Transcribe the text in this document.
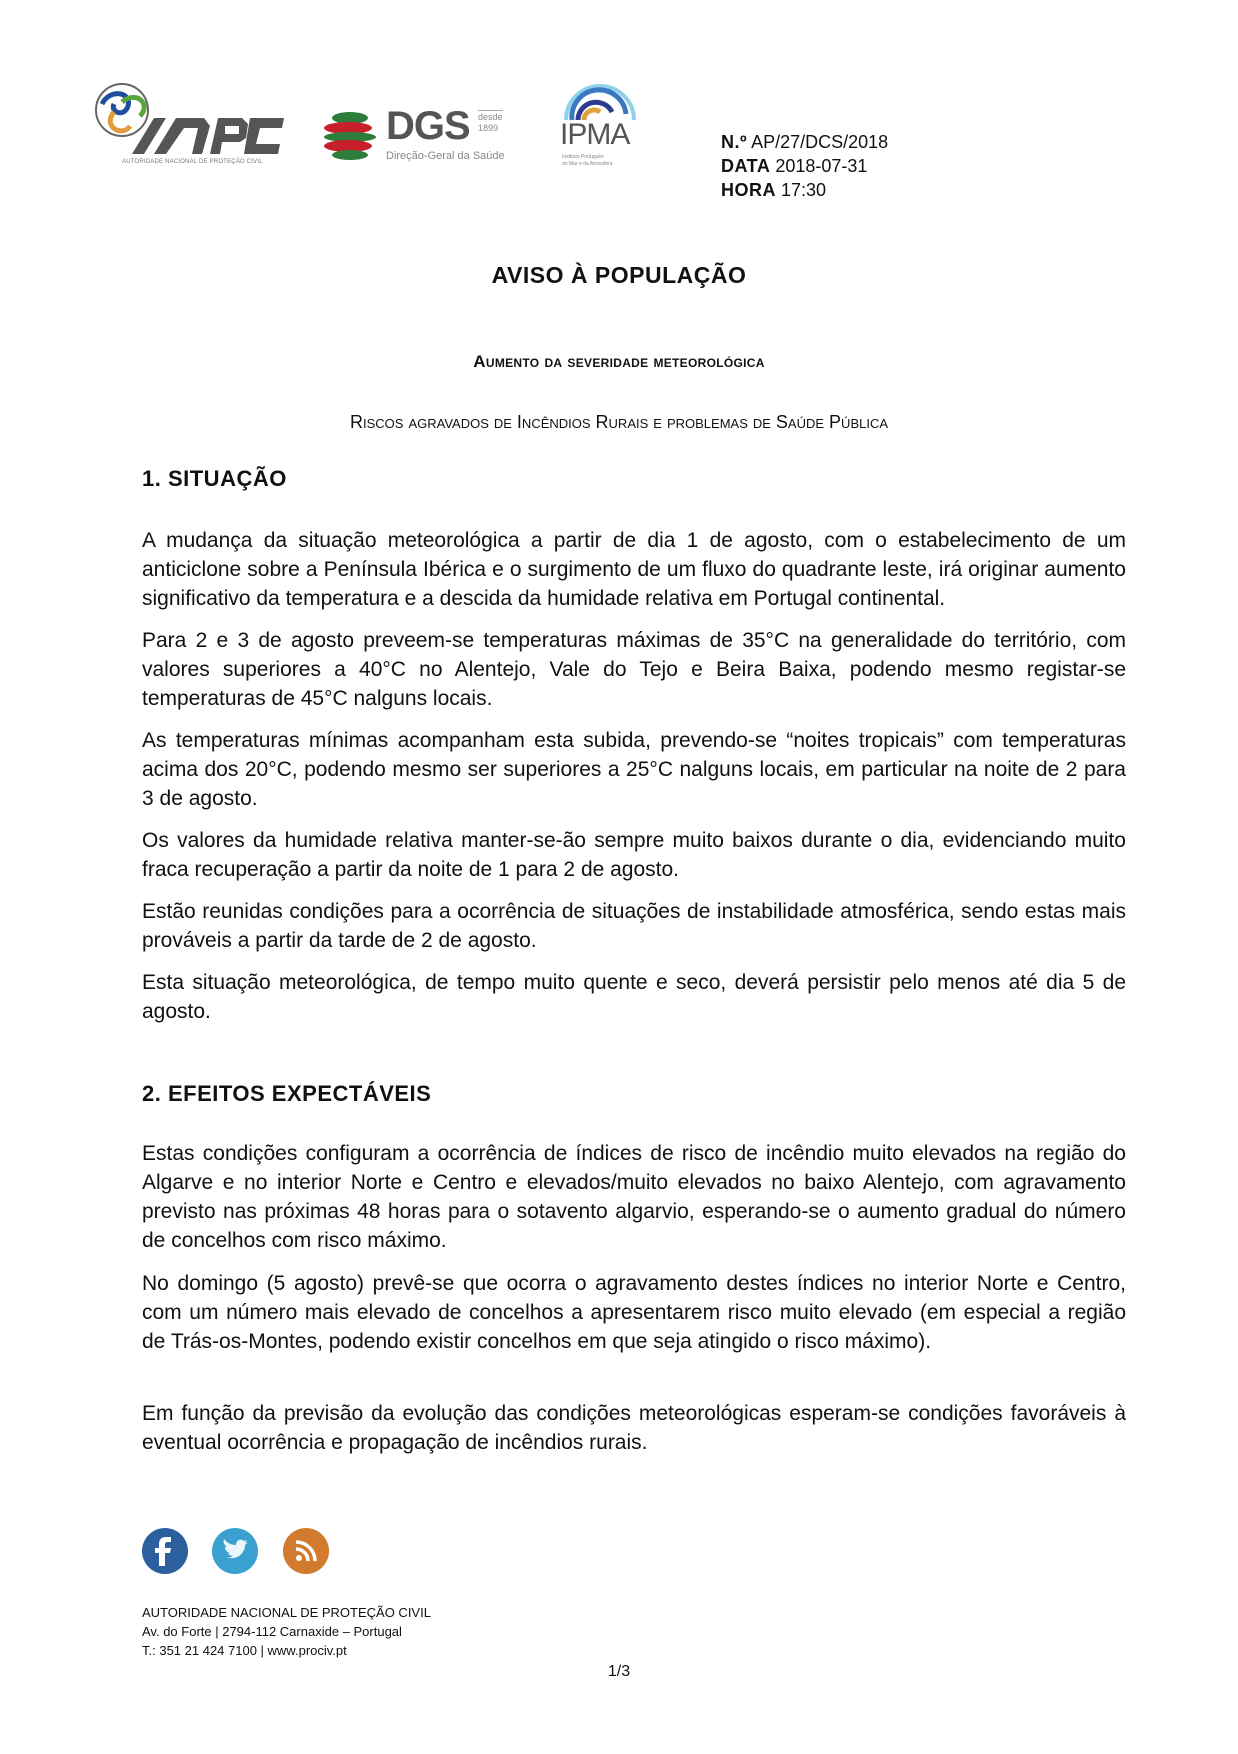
AUTORIDADE NACIONAL DE PROTEÇÃO CIVIL
DGS desde
1899
Direção-Geral da Saúde
IPMA
Instituto Português
do Mar e da Atmosfera
N.º AP/27/DCS/2018
DATA 2018-07-31
HORA 17:30
AVISO À POPULAÇÃO
Aumento da severidade meteorológica
Riscos agravados de Incêndios Rurais e problemas de Saúde Pública
1. SITUAÇÃO
A mudança da situação meteorológica a partir de dia 1 de agosto, com o estabelecimento de um anticiclone sobre a Península Ibérica e o surgimento de um fluxo do quadrante leste, irá originar aumento significativo da temperatura e a descida da humidade relativa em Portugal continental.
Para 2 e 3 de agosto preveem-se temperaturas máximas de 35°C na generalidade do território, com valores superiores a 40°C no Alentejo, Vale do Tejo e Beira Baixa, podendo mesmo registar-se temperaturas de 45°C nalguns locais.
As temperaturas mínimas acompanham esta subida, prevendo-se “noites tropicais” com temperaturas acima dos 20°C, podendo mesmo ser superiores a 25°C nalguns locais, em particular na noite de 2 para 3 de agosto.
Os valores da humidade relativa manter-se-ão sempre muito baixos durante o dia, evidenciando muito fraca recuperação a partir da noite de 1 para 2 de agosto.
Estão reunidas condições para a ocorrência de situações de instabilidade atmosférica, sendo estas mais prováveis a partir da tarde de 2 de agosto.
Esta situação meteorológica, de tempo muito quente e seco, deverá persistir pelo menos até dia 5 de agosto.
2. EFEITOS EXPECTÁVEIS
Estas condições configuram a ocorrência de índices de risco de incêndio muito elevados na região do Algarve e no interior Norte e Centro e elevados/muito elevados no baixo Alentejo, com agravamento previsto nas próximas 48 horas para o sotavento algarvio, esperando-se o aumento gradual do número de concelhos com risco máximo.
No domingo (5 agosto) prevê-se que ocorra o agravamento destes índices no interior Norte e Centro, com um número mais elevado de concelhos a apresentarem risco muito elevado (em especial a região de Trás-os-Montes, podendo existir concelhos em que seja atingido o risco máximo).
Em função da previsão da evolução das condições meteorológicas esperam-se condições favoráveis à eventual ocorrência e propagação de incêndios rurais.

AUTORIDADE NACIONAL DE PROTEÇÃO CIVIL
Av. do Forte | 2794-112 Carnaxide – Portugal
T.: 351 21 424 7100 | www.prociv.pt
1/3
